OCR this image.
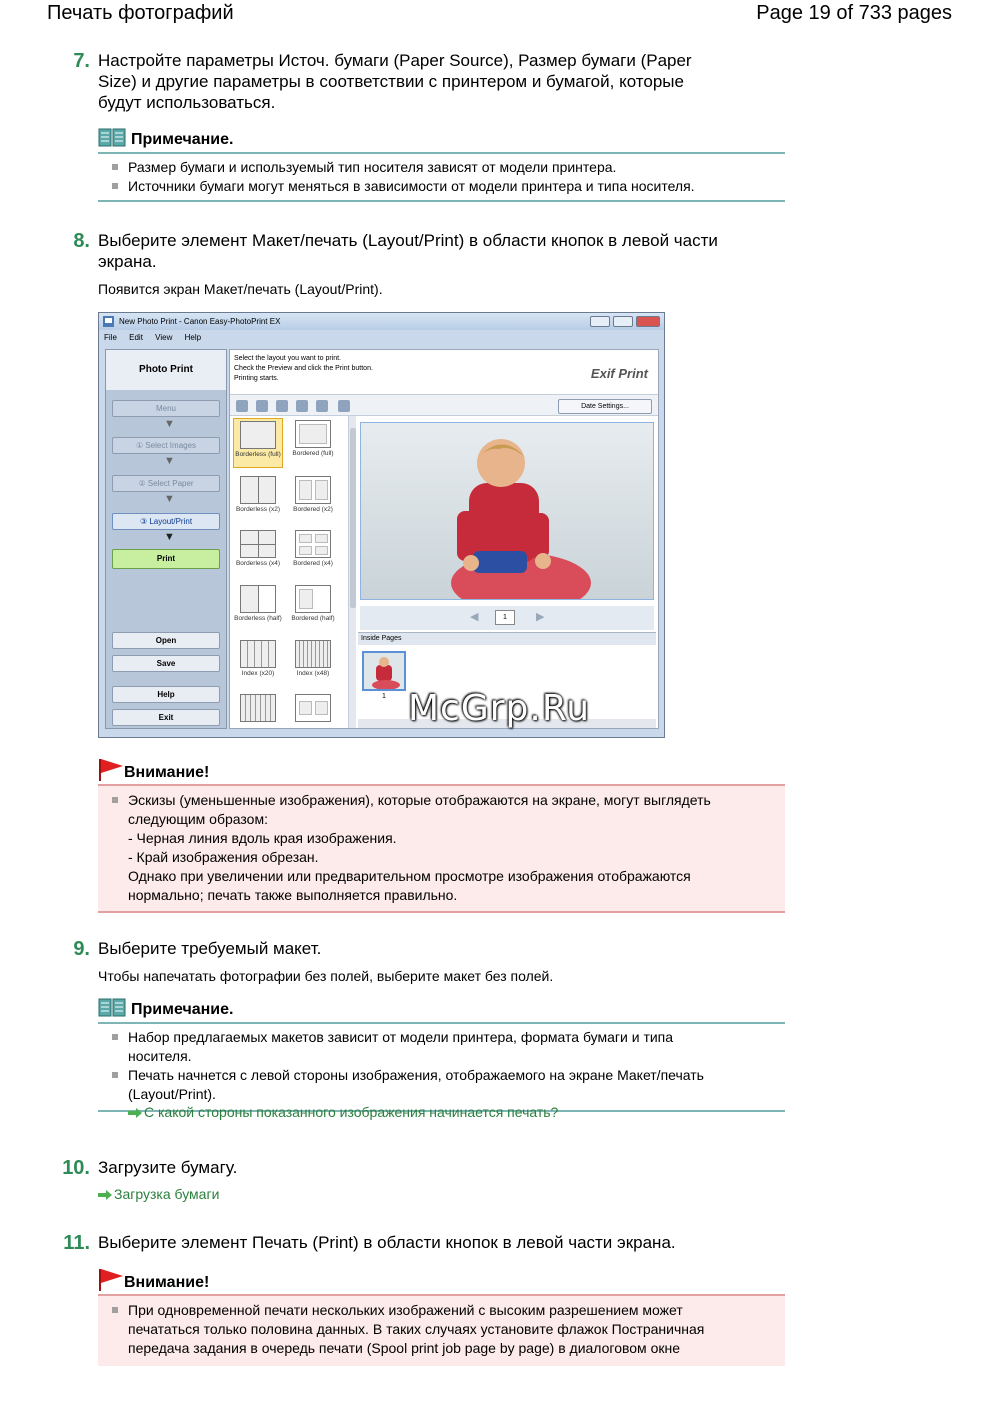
Печать фотографий	Page 19 of 733 pages
7. Настройте параметры Источ. бумаги (Paper Source), Размер бумаги (Paper
Size) и другие параметры в соответствии с принтером и бумагой, которые
будут использоваться.
Примечание.
Размер бумаги и используемый тип носителя зависят от модели принтера.
Источники бумаги могут меняться в зависимости от модели принтера и типа носителя.
8. Выберите элемент Макет/печать (Layout/Print) в области кнопок в левой части
экрана.
Появится экран Макет/печать (Layout/Print).
New Photo Print - Canon Easy-PhotoPrint EX
File Edit View Help
Photo Print
Menu
▼
① Select Images
▼
② Select Paper
▼
③ Layout/Print
▼
Print
Open
Save
Help
Exit
Select the layout you want to print.
Check the Preview and click the Print button.
Printing starts.	Exif Print
Date Settings...
Borderless (full)	Bordered (full)
Borderless (x2)	Bordered (x2)
Borderless (x4)	Bordered (x4)
Borderless (half)	Bordered (half)
Index (x20)	Index (x48)
◀	1	▶
Inside Pages
1 McGrp.Ru
Внимание!
Эскизы (уменьшенные изображения), которые отображаются на экране, могут выглядеть
следующим образом:
- Черная линия вдоль края изображения.
- Край изображения обрезан.
Однако при увеличении или предварительном просмотре изображения отображаются
нормально; печать также выполняется правильно.
9. Выберите требуемый макет.
Чтобы напечатать фотографии без полей, выберите макет без полей.
Примечание.
Набор предлагаемых макетов зависит от модели принтера, формата бумаги и типа
носителя.
Печать начнется с левой стороны изображения, отображаемого на экране Макет/печать
(Layout/Print).
С какой стороны показанного изображения начинается печать?
10. Загрузите бумагу.
Загрузка бумаги
11. Выберите элемент Печать (Print) в области кнопок в левой части экрана.
Внимание!
При одновременной печати нескольких изображений с высоким разрешением может
печататься только половина данных. В таких случаях установите флажок Постраничная
передача задания в очередь печати (Spool print job page by page) в диалоговом окне
